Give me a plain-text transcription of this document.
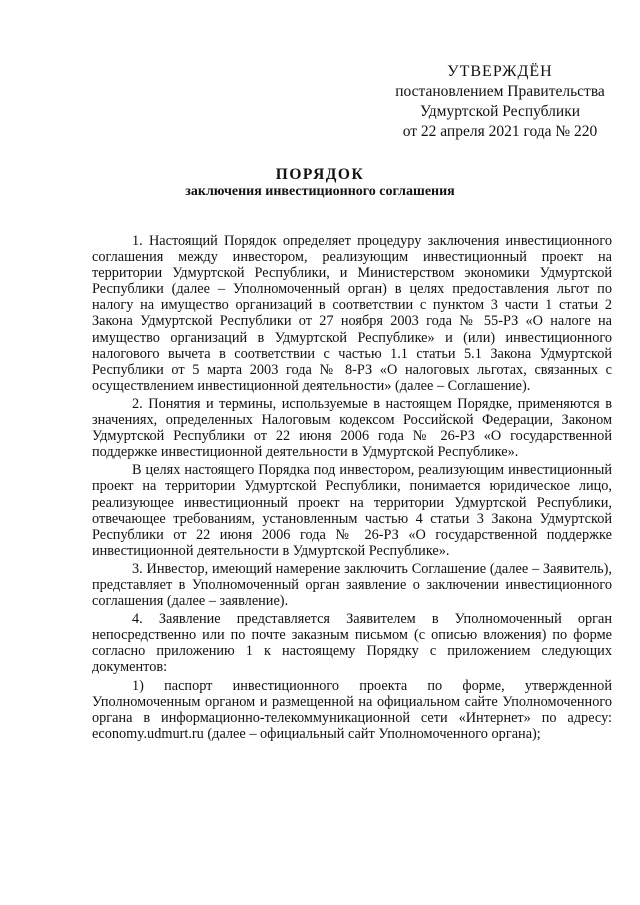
УТВЕРЖДЁН
постановлением Правительства
Удмуртской Республики
от 22 апреля 2021 года № 220
ПОРЯДОК
заключения инвестиционного соглашения

1. Настоящий Порядок определяет процедуру заключения инвестиционного соглашения между инвестором, реализующим инвестиционный проект на территории Удмуртской Республики, и Министерством экономики Удмуртской Республики (далее – Уполномоченный орган) в целях предоставления льгот по налогу на имущество организаций в соответствии с пунктом 3 части 1 статьи 2 Закона Удмуртской Республики от 27 ноября 2003 года № 55-РЗ «О налоге на имущество организаций в Удмуртской Республике» и (или) инвестиционного налогового вычета в соответствии с частью 1.1 статьи 5.1 Закона Удмуртской Республики от 5 марта 2003 года № 8-РЗ «О налоговых льготах, связанных с осуществлением инвестиционной деятельности» (далее – Соглашение).

2. Понятия и термины, используемые в настоящем Порядке, применяются в значениях, определенных Налоговым кодексом Российской Федерации, Законом Удмуртской Республики от 22 июня 2006 года № 26-РЗ «О государственной поддержке инвестиционной деятельности в Удмуртской Республике».

В целях настоящего Порядка под инвестором, реализующим инвестиционный проект на территории Удмуртской Республики, понимается юридическое лицо, реализующее инвестиционный проект на территории Удмуртской Республики, отвечающее требованиям, установленным частью 4 статьи 3 Закона Удмуртской Республики от 22 июня 2006 года № 26-РЗ «О государственной поддержке инвестиционной деятельности в Удмуртской Республике».

3. Инвестор, имеющий намерение заключить Соглашение (далее – Заявитель), представляет в Уполномоченный орган заявление о заключении инвестиционного соглашения (далее – заявление).

4. Заявление представляется Заявителем в Уполномоченный орган непосредственно или по почте заказным письмом (с описью вложения) по форме согласно приложению 1 к настоящему Порядку с приложением следующих документов:

1) паспорт инвестиционного проекта по форме, утвержденной Уполномоченным органом и размещенной на официальном сайте Уполномоченного органа в информационно-телекоммуникационной сети «Интернет» по адресу: economy.udmurt.ru (далее – официальный сайт Уполномоченного органа);
